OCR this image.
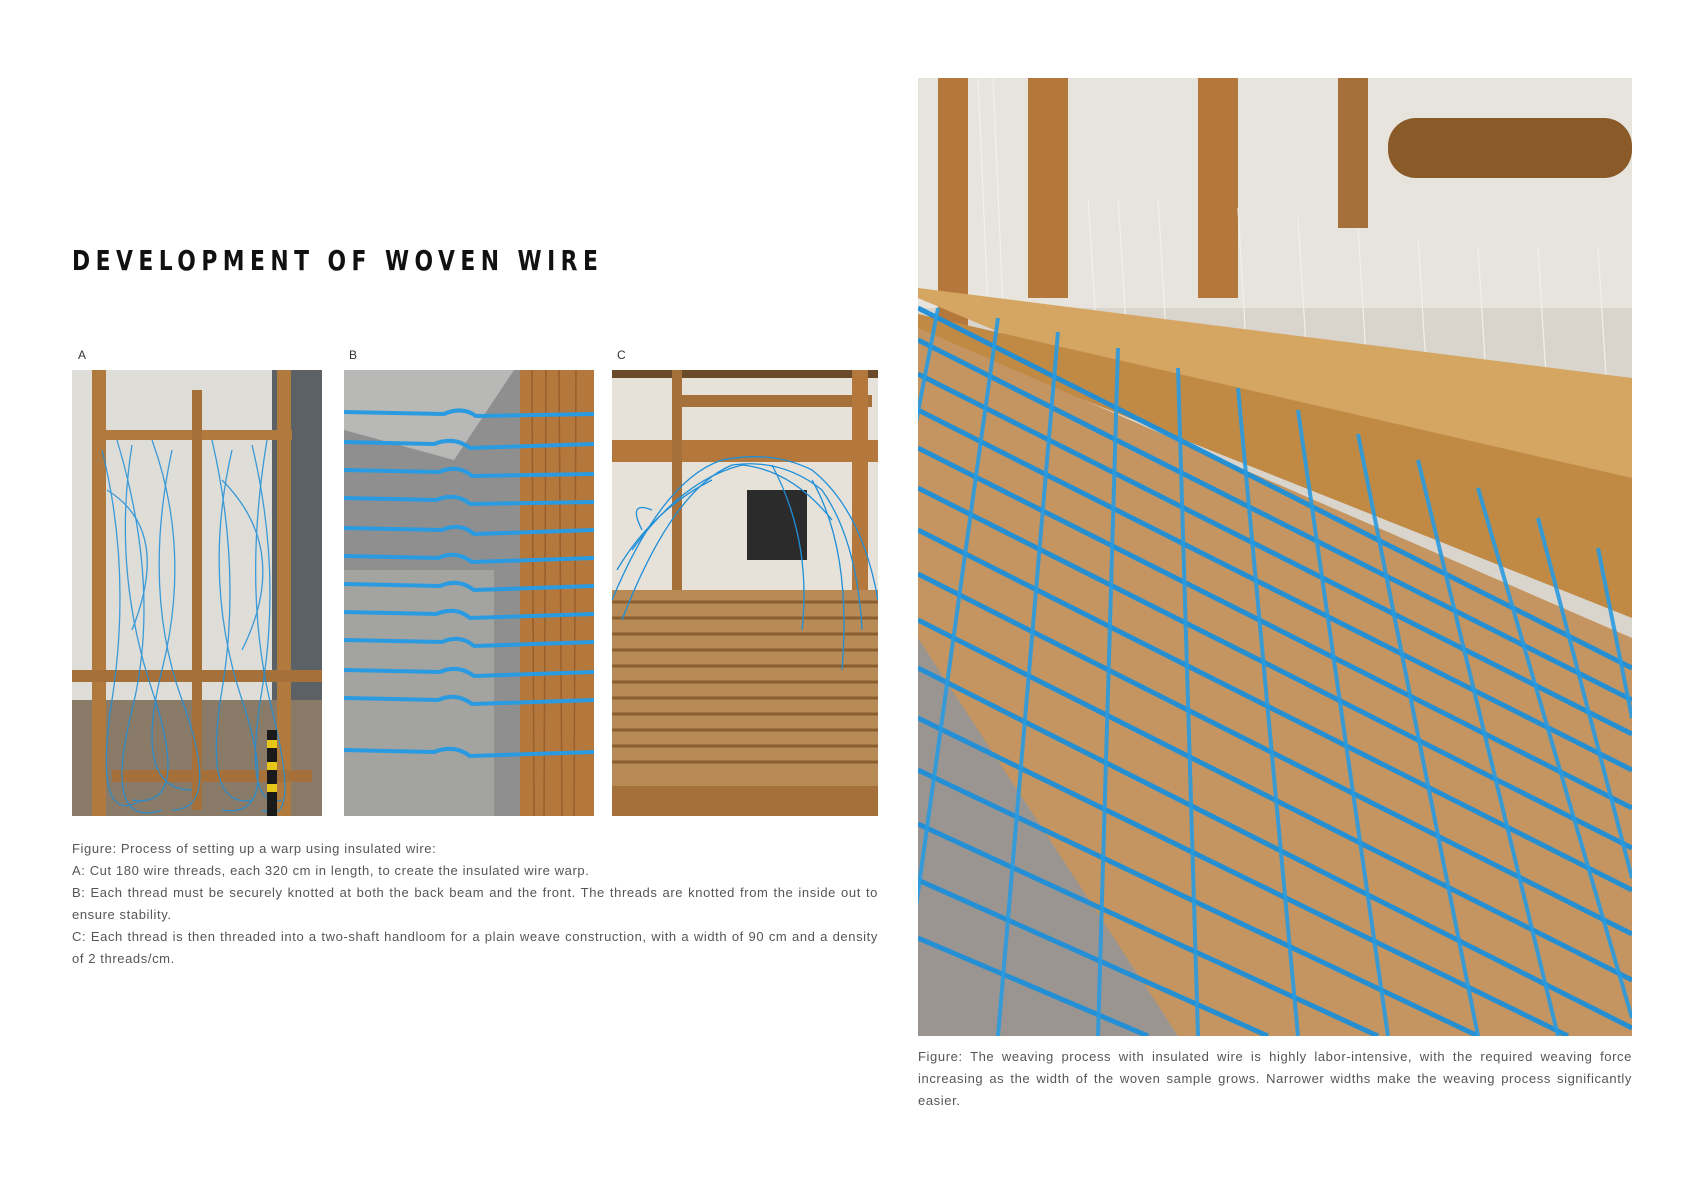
DEVELOPMENT OF WOVEN WIRE
A	B	C

Figure: Process of setting up a warp using insulated wire:

A: Cut 180 wire threads, each 320 cm in length, to create the insulated wire warp.

B: Each thread must be securely knotted at both the back beam and the front. The threads are knotted from the inside out to ensure stability.

C: Each thread is then threaded into a two-shaft handloom for a plain weave construction, with a width of 90 cm and a density of 2 threads/cm.

Figure: The weaving process with insulated wire is highly labor-intensive, with the required weaving force increasing as the width of the woven sample grows. Narrower widths make the weaving process significantly easier.
